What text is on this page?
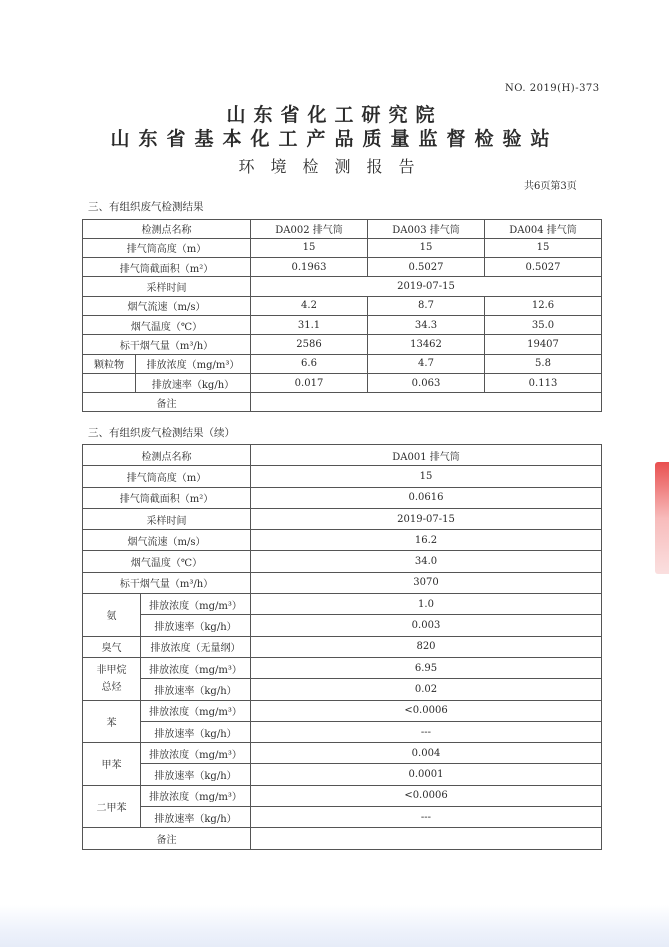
NO. 2019(H)-373
山东省化工研究院
山东省基本化工产品质量监督检验站
环境检测报告
共6页第3页
三、有组织废气检测结果

检测点名称	DA002 排气筒	DA003 排气筒	DA004 排气筒
排气筒高度（m）	15	15	15
排气筒截面积（m²）	0.1963	0.5027	0.5027
采样时间	2019-07-15		
烟气流速（m/s）	4.2	8.7	12.6
烟气温度（℃）	31.1	34.3	35.0
标干烟气量（m³/h）	2586	13462	19407

颗粒物 排放浓度（mg/m³）	6.6	4.7	5.8

排放速率（kg/h）	0.017	0.063	0.113
备注			
三、有组织废气检测结果（续）
检测点名称		DA001 排气筒
排气筒高度（m）		15
排气筒截面积（m²）		0.0616
采样时间		2019-07-15
烟气流速（m/s）		16.2
烟气温度（℃）		34.0
标干烟气量（m³/h）		3070
氨	排放浓度（mg/m³）	1.0
	排放速率（kg/h）	0.003
臭气	排放浓度（无量纲）	820
非甲烷总烃	排放浓度（mg/m³）	6.95
	排放速率（kg/h）	0.02
苯	排放浓度（mg/m³）	<0.0006
	排放速率（kg/h）	---
甲苯	排放浓度（mg/m³）	0.004
	排放速率（kg/h）	0.0001
二甲苯	排放浓度（mg/m³）	<0.0006
	排放速率（kg/h）	---
备注		
